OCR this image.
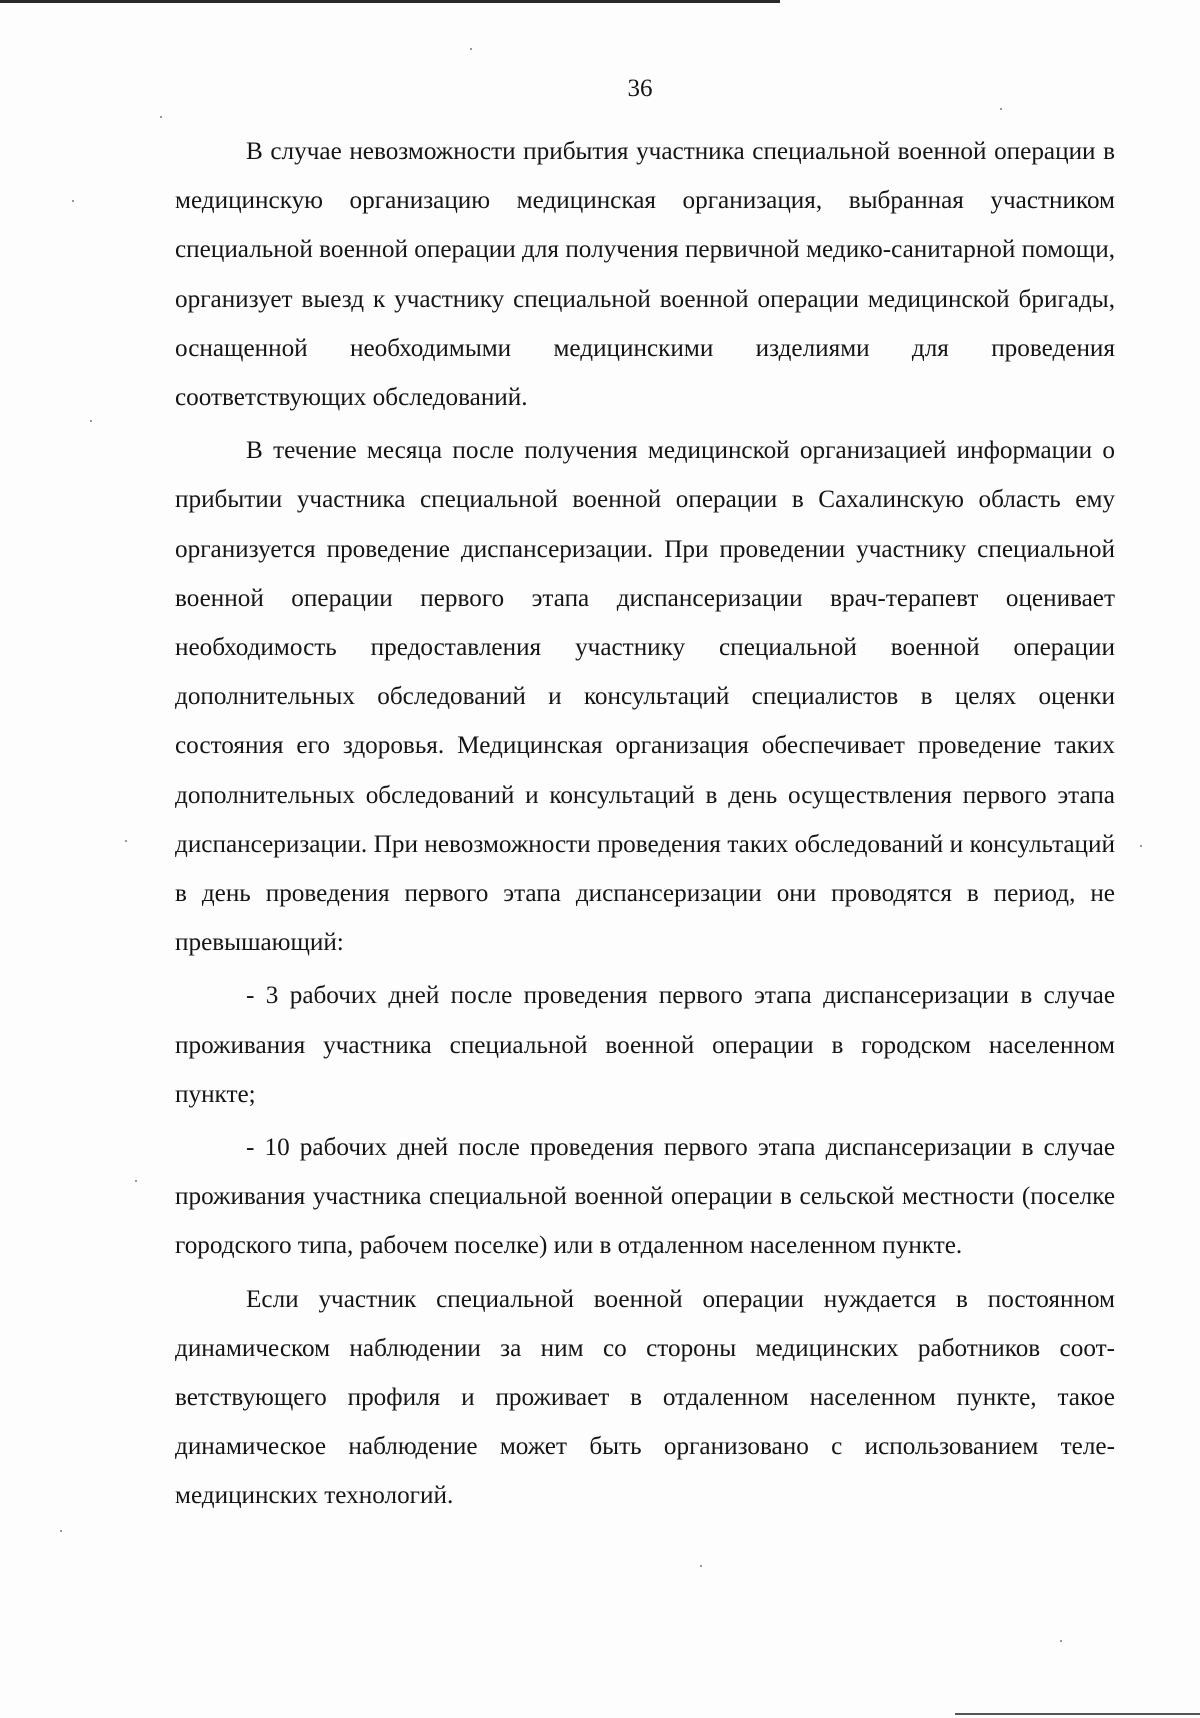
36

В случае невозможности прибытия участника специальной военной операции в медицинскую организацию медицинская организация, выбранная участником специальной военной операции для получения первичной медико-санитарной помощи, организует выезд к участнику специальной военной операции медицинской бригады, оснащенной необходимыми медицинскими изделиями для проведения соответствующих обследований.

В течение месяца после получения медицинской организацией информации о прибытии участника специальной военной операции в Сахалинскую область ему организуется проведение диспансеризации. При проведении участнику специальной военной операции первого этапа диспансеризации врач-терапевт оценивает необходимость предоставления участнику специальной военной операции дополнительных обследований и консультаций специалистов в целях оценки состояния его здоровья. Медицинская организация обеспечивает проведение таких дополнительных обследований и консультаций в день осуществления первого этапа диспансеризации. При невозможности проведения таких обследований и консультаций в день проведения первого этапа диспансеризации они проводятся в период, не превышающий:

- 3 рабочих дней после проведения первого этапа диспансеризации в случае проживания участника специальной военной операции в городском населенном пункте;

- 10 рабочих дней после проведения первого этапа диспансеризации в случае проживания участника специальной военной операции в сельской местности (поселке городского типа, рабочем поселке) или в отдаленном населенном пункте.

Если участник специальной военной операции нуждается в постоянном динамическом наблюдении за ним со стороны медицинских работников соответствующего профиля и проживает в отдаленном населенном пункте, такое динамическое наблюдение может быть организовано с использованием телемедицинских технологий.
